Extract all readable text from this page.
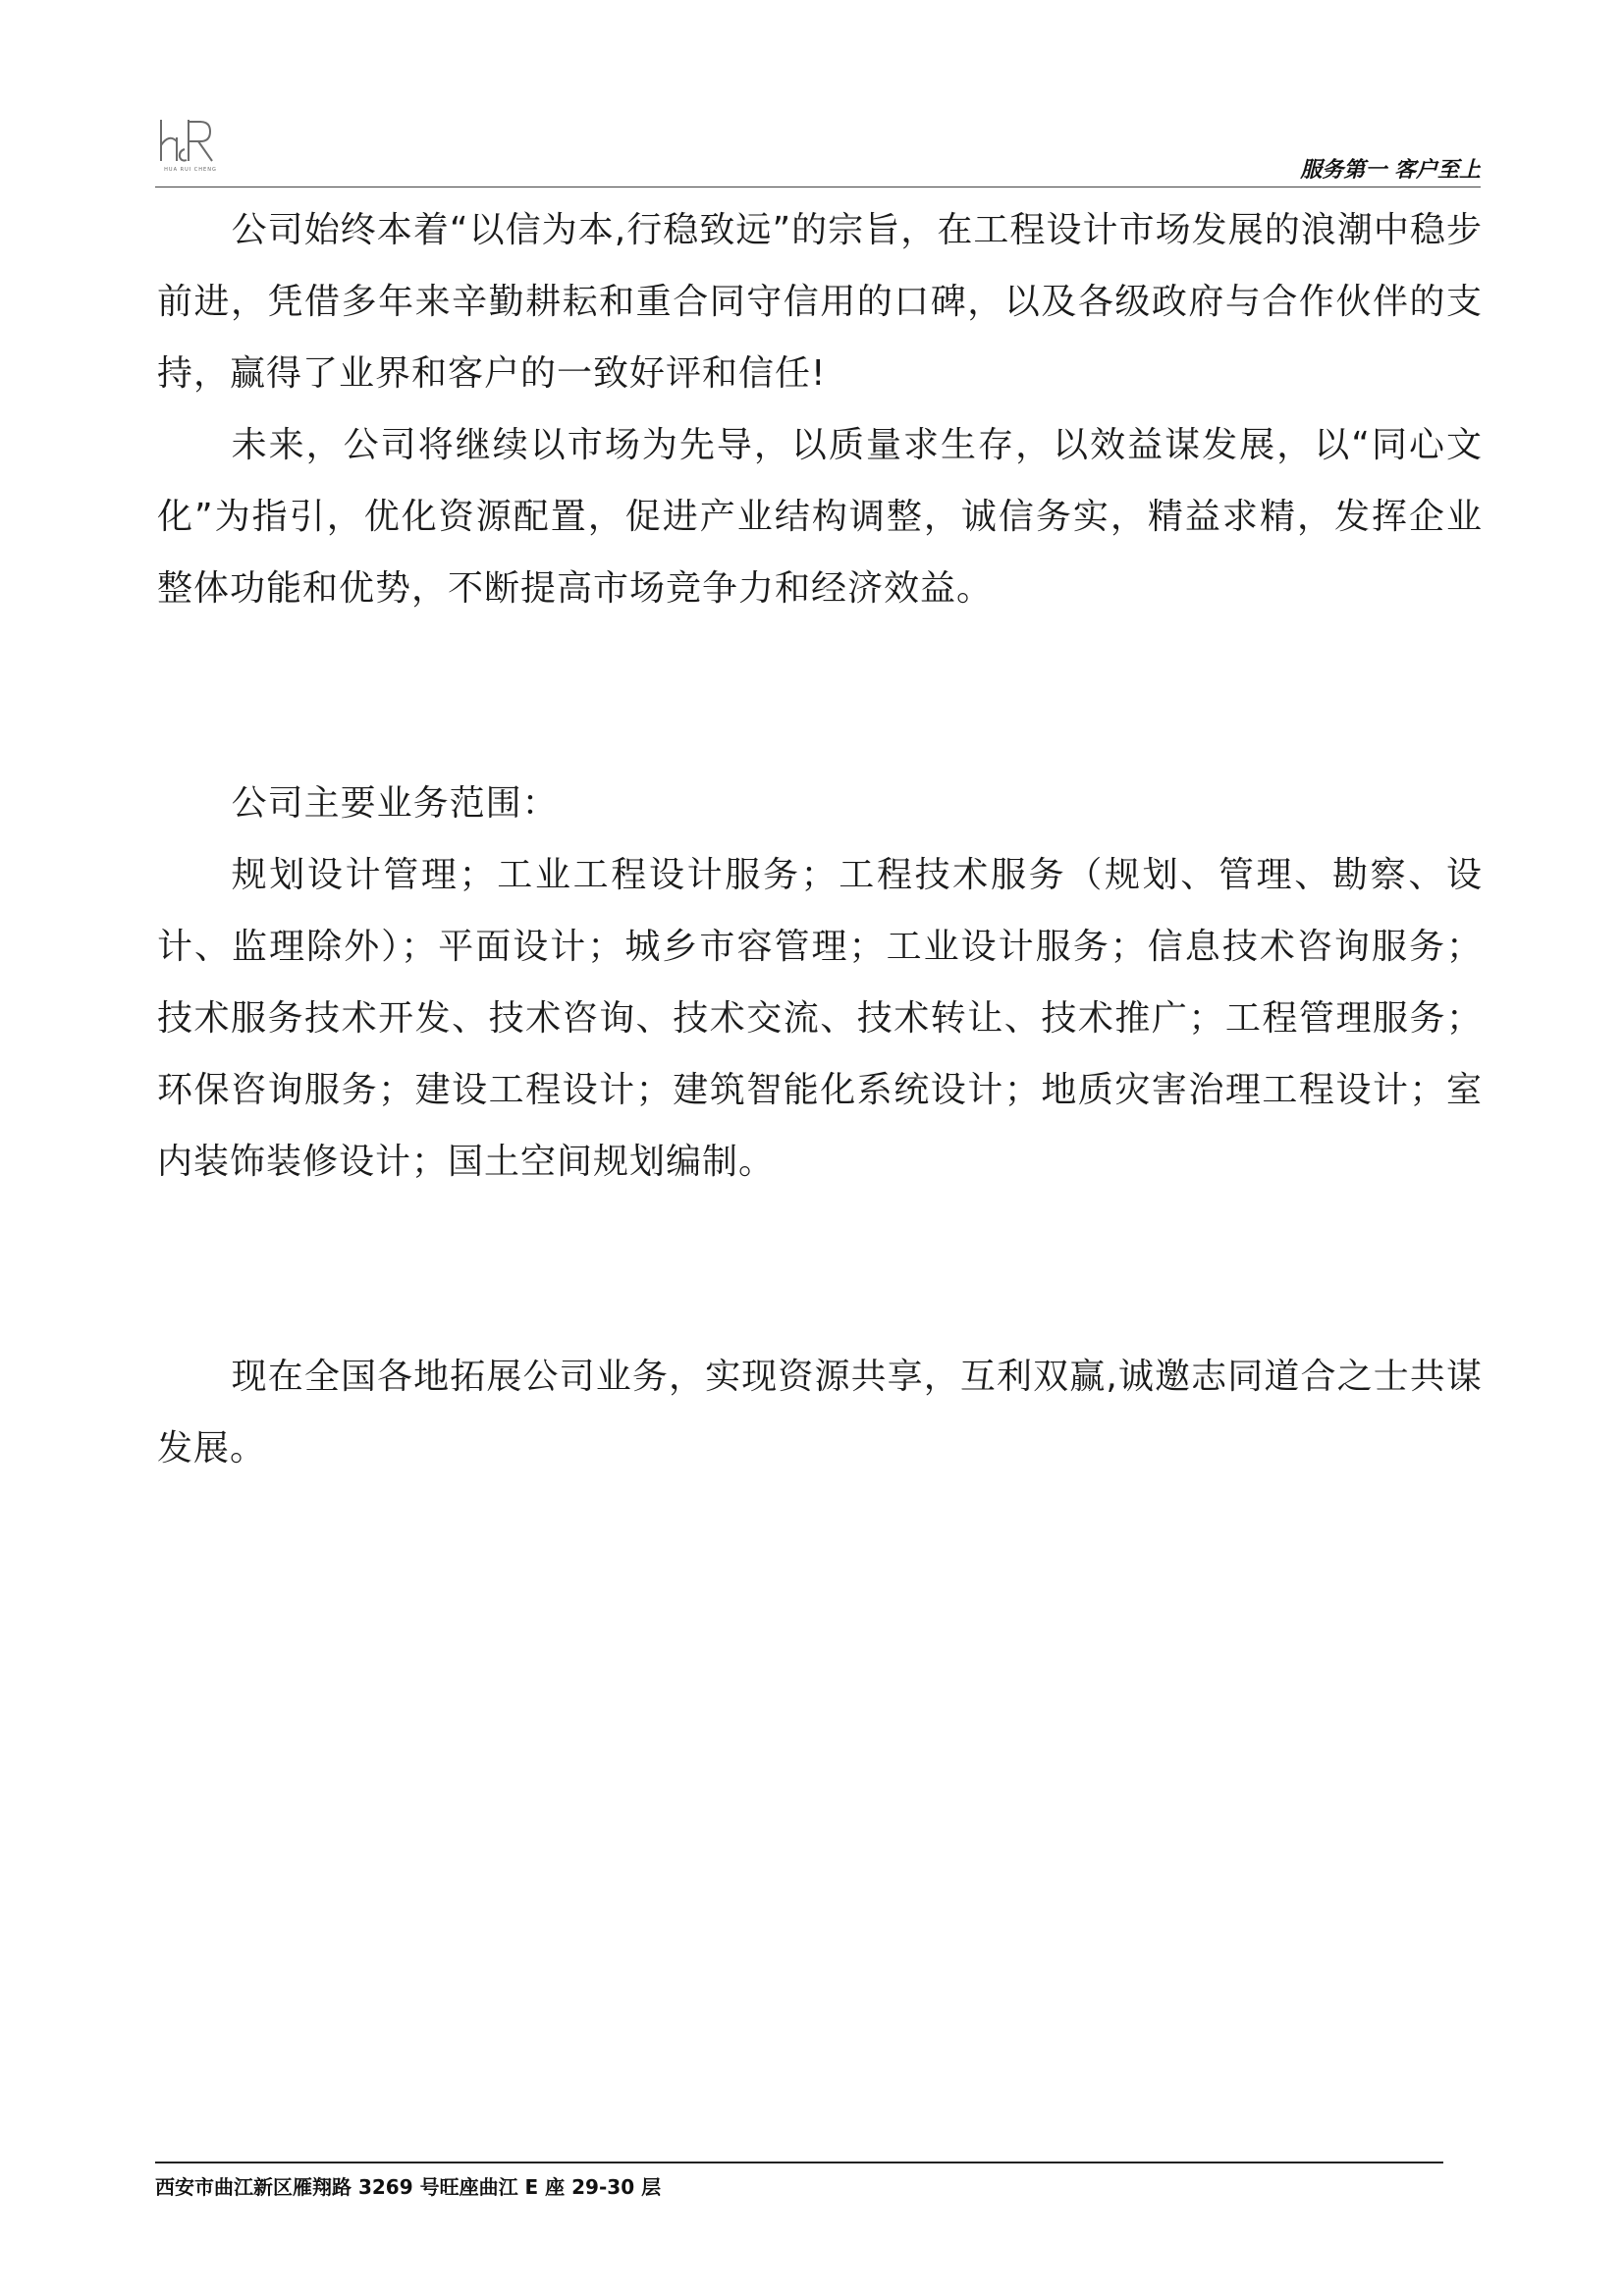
HUA RUI CHENG	服务第一 客户至上

公司始终本着“以信为本,行稳致远”的宗旨，在工程设计市场发展的浪潮中稳步前进，凭借多年来辛勤耕耘和重合同守信用的口碑，以及各级政府与合作伙伴的支持，赢得了业界和客户的一致好评和信任!

未来，公司将继续以市场为先导，以质量求生存，以效益谋发展，以“同心文化”为指引，优化资源配置，促进产业结构调整，诚信务实，精益求精，发挥企业整体功能和优势，不断提高市场竞争力和经济效益。

公司主要业务范围：

规划设计管理；工业工程设计服务；工程技术服务（规划、管理、勘察、设计、监理除外）；平面设计；城乡市容管理；工业设计服务；信息技术咨询服务；技术服务技术开发、技术咨询、技术交流、技术转让、技术推广；工程管理服务；环保咨询服务；建设工程设计；建筑智能化系统设计；地质灾害治理工程设计；室内装饰装修设计；国土空间规划编制。

现在全国各地拓展公司业务，实现资源共享，互利双赢,诚邀志同道合之士共谋发展。

西安市曲江新区雁翔路 3269 号旺座曲江 E 座 29-30 层
